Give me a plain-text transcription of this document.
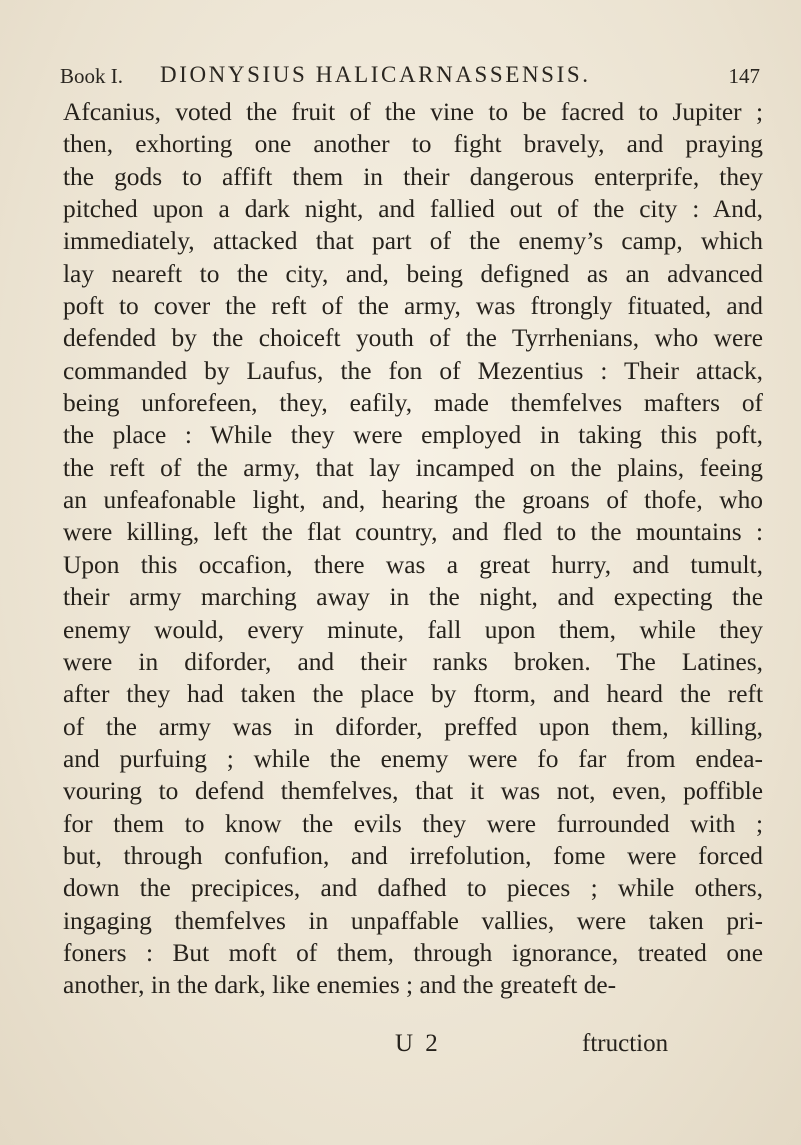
Book I. DIONYSIUS HALICARNASSENSIS.	147
Afcanius, voted the fruit of the vine to be facred to Jupiter ;
then, exhorting one another to fight bravely, and praying
the gods to affift them in their dangerous enterprife, they
pitched upon a dark night, and fallied out of the city : And,
immediately, attacked that part of the enemy’s camp, which
lay neareft to the city, and, being defigned as an advanced
poft to cover the reft of the army, was ftrongly fituated, and
defended by the choiceft youth of the Tyrrhenians, who were
commanded by Laufus, the fon of Mezentius : Their attack,
being unforefeen, they, eafily, made themfelves mafters of
the place : While they were employed in taking this poft,
the reft of the army, that lay incamped on the plains, feeing
an unfeafonable light, and, hearing the groans of thofe, who
were killing, left the flat country, and fled to the mountains :
Upon this occafion, there was a great hurry, and tumult,
their army marching away in the night, and expecting the
enemy would, every minute, fall upon them, while they
were in diforder, and their ranks broken. The Latines,
after they had taken the place by ftorm, and heard the reft
of the army was in diforder, preffed upon them, killing,
and purfuing ; while the enemy were fo far from endea-
vouring to defend themfelves, that it was not, even, poffible
for them to know the evils they were furrounded with ;
but, through confufion, and irrefolution, fome were forced
down the precipices, and dafhed to pieces ; while others,
ingaging themfelves in unpaffable vallies, were taken pri-
foners : But moft of them, through ignorance, treated one
another, in the dark, like enemies ; and the greateft de-
U 2	ftruction
